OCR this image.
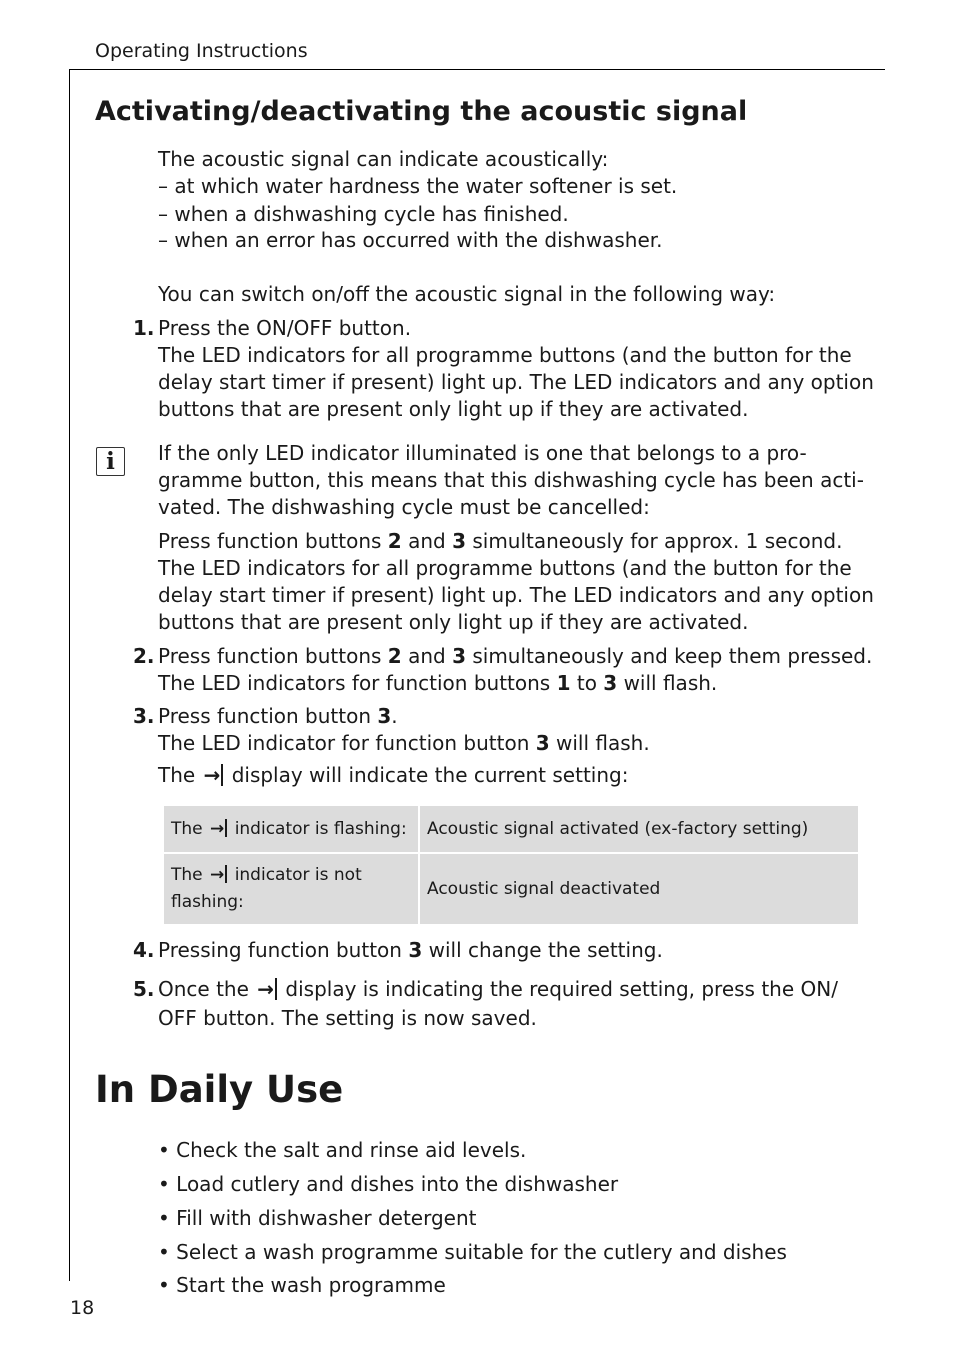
Operating Instructions
Activating/deactivating the acoustic signal
The acoustic signal can indicate acoustically:
– at which water hardness the water softener is set.
– when a dishwashing cycle has finished.
– when an error has occurred with the dishwasher.
You can switch on/off the acoustic signal in the following way:
1. Press the ON/OFF button.
The LED indicators for all programme buttons (and the button for the
delay start timer if present) light up. The LED indicators and any option
buttons that are present only light up if they are activated.
i	If the only LED indicator illuminated is one that belongs to a pro-
gramme button, this means that this dishwashing cycle has been acti-
vated. The dishwashing cycle must be cancelled:
Press function buttons 2 and 3 simultaneously for approx. 1 second.
The LED indicators for all programme buttons (and the button for the
delay start timer if present) light up. The LED indicators and any option
buttons that are present only light up if they are activated.
2. Press function buttons 2 and 3 simultaneously and keep them pressed.
The LED indicators for function buttons 1 to 3 will flash.
3. Press function button 3.
The LED indicator for function button 3 will flash.
The → display will indicate the current setting:
The
→
indicator is flashing:	Acoustic signal activated (ex-factory setting)
The → indicator is not
flashing:
Acoustic signal deactivated
4. Pressing function button 3 will change the setting.
5. Once the → display is indicating the required setting, press the ON/
OFF button. The setting is now saved.
In Daily Use
• Check the salt and rinse aid levels.
• Load cutlery and dishes into the dishwasher
• Fill with dishwasher detergent
• Select a wash programme suitable for the cutlery and dishes
• Start the wash programme
18
